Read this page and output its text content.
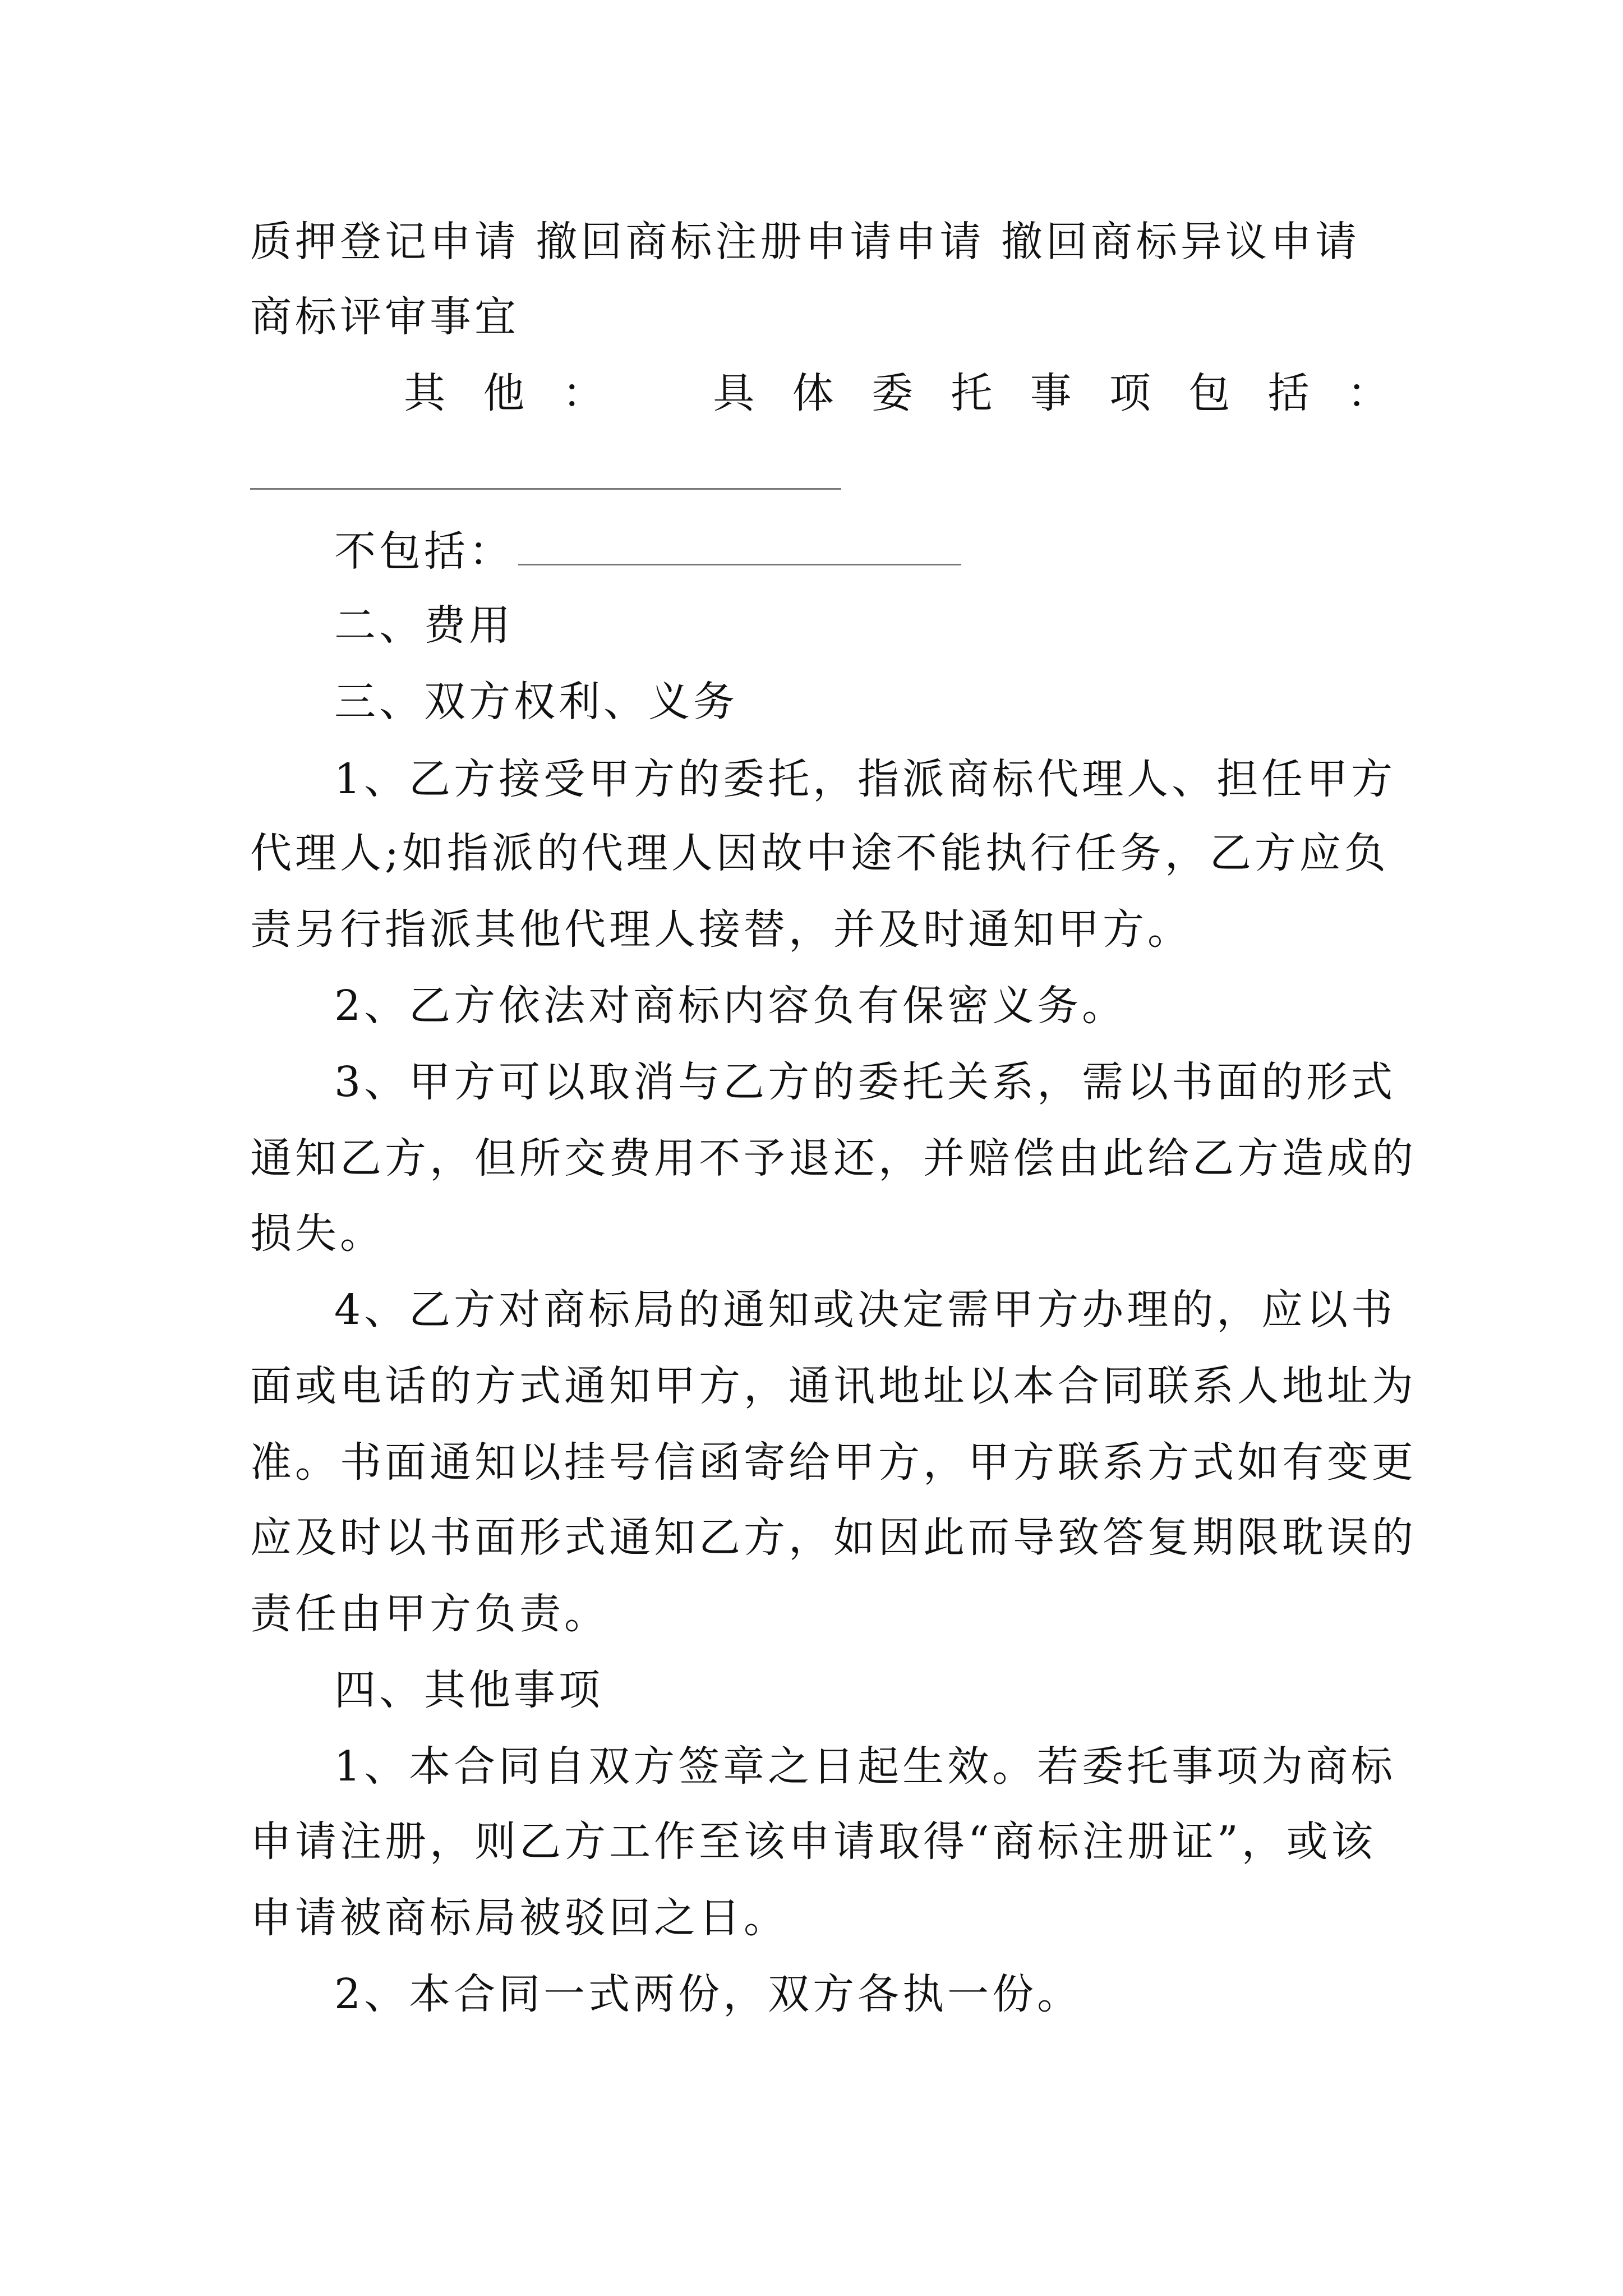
质押登记申请 撤回商标注册申请申请 撤回商标异议申请
商标评审事宜
其 他 ：	具 体 委 托 事 项 包 括 ：
不包括：
二、费用
三、双方权利、义务
1、乙方接受甲方的委托，指派商标代理人、担任甲方
代理人;如指派的代理人因故中途不能执行任务，乙方应负
责另行指派其他代理人接替，并及时通知甲方。
2、乙方依法对商标内容负有保密义务。
3、甲方可以取消与乙方的委托关系，需以书面的形式
通知乙方，但所交费用不予退还，并赔偿由此给乙方造成的
损失。
4、乙方对商标局的通知或决定需甲方办理的，应以书
面或电话的方式通知甲方，通讯地址以本合同联系人地址为
准。书面通知以挂号信函寄给甲方，甲方联系方式如有变更
应及时以书面形式通知乙方，如因此而导致答复期限耽误的
责任由甲方负责。
四、其他事项
1、本合同自双方签章之日起生效。若委托事项为商标
申请注册，则乙方工作至该申请取得“商标注册证”，或该
申请被商标局被驳回之日。
2、本合同一式两份，双方各执一份。
